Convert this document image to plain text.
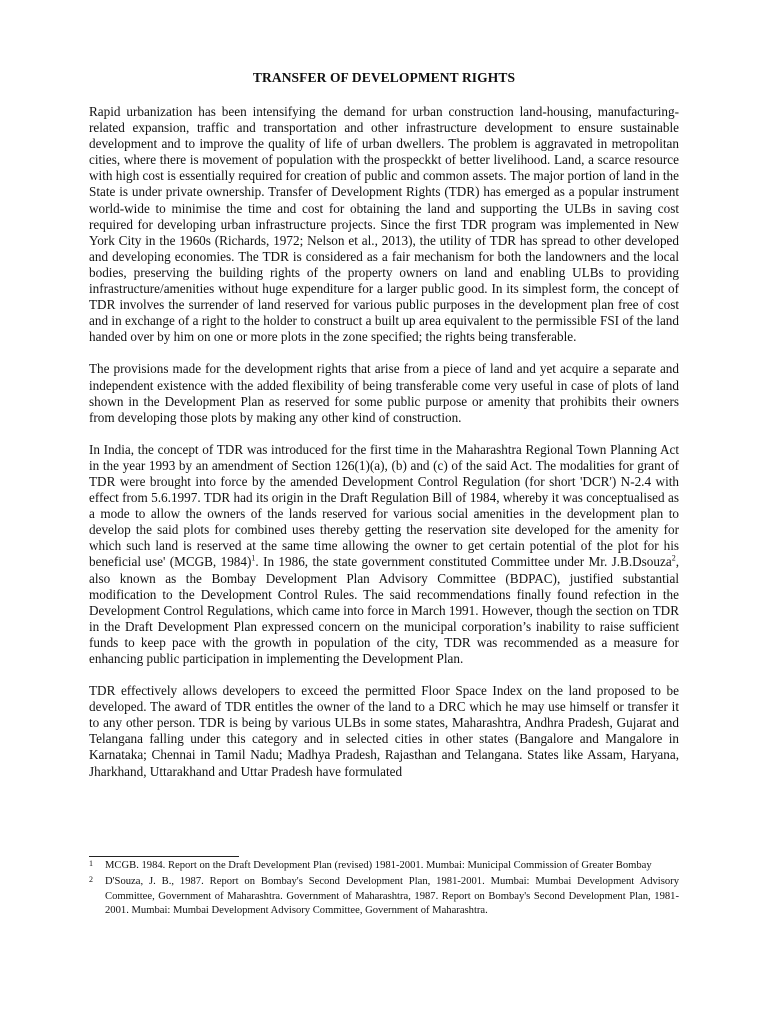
TRANSFER OF DEVELOPMENT RIGHTS

Rapid urbanization has been intensifying the demand for urban construction land-housing, manufacturing-related expansion, traffic and transportation and other infrastructure development to ensure sustainable development and to improve the quality of life of urban dwellers. The problem is aggravated in metropolitan cities, where there is movement of population with the prospeckkt of better livelihood. Land, a scarce resource with high cost is essentially required for creation of public and common assets. The major portion of land in the State is under private ownership. Transfer of Development Rights (TDR) has emerged as a popular instrument world-wide to minimise the time and cost for obtaining the land and supporting the ULBs in saving cost required for developing urban infrastructure projects. Since the first TDR program was implemented in New York City in the 1960s (Richards, 1972; Nelson et al., 2013), the utility of TDR has spread to other developed and developing economies. The TDR is considered as a fair mechanism for both the landowners and the local bodies, preserving the building rights of the property owners on land and enabling ULBs to providing infrastructure/amenities without huge expenditure for a larger public good. In its simplest form, the concept of TDR involves the surrender of land reserved for various public purposes in the development plan free of cost and in exchange of a right to the holder to construct a built up area equivalent to the permissible FSI of the land handed over by him on one or more plots in the zone specified; the rights being transferable.

The provisions made for the development rights that arise from a piece of land and yet acquire a separate and independent existence with the added flexibility of being transferable come very useful in case of plots of land shown in the Development Plan as reserved for some public purpose or amenity that prohibits their owners from developing those plots by making any other kind of construction.

In India, the concept of TDR was introduced for the first time in the Maharashtra Regional Town Planning Act in the year 1993 by an amendment of Section 126(1)(a), (b) and (c) of the said Act. The modalities for grant of TDR were brought into force by the amended Development Control Regulation (for short 'DCR') N-2.4 with effect from 5.6.1997. TDR had its origin in the Draft Regulation Bill of 1984, whereby it was conceptualised as a mode to allow the owners of the lands reserved for various social amenities in the development plan to develop the said plots for combined uses thereby getting the reservation site developed for the amenity for which such land is reserved at the same time allowing the owner to get certain potential of the plot for his beneficial use' (MCGB, 1984)$^1$. In 1986, the state government constituted Committee under Mr. J.B.Dsouza$^2$, also known as the Bombay Development Plan Advisory Committee (BDPAC), justified substantial modification to the Development Control Rules. The said recommendations finally found refection in the Development Control Regulations, which came into force in March 1991. However, though the section on TDR in the Draft Development Plan expressed concern on the municipal corporation’s inability to raise sufficient funds to keep pace with the growth in population of the city, TDR was recommended as a measure for enhancing public participation in implementing the Development Plan.

TDR effectively allows developers to exceed the permitted Floor Space Index on the land proposed to be developed. The award of TDR entitles the owner of the land to a DRC which he may use himself or transfer it to any other person. TDR is being by various ULBs in some states, Maharashtra, Andhra Pradesh, Gujarat and Telangana falling under this category and in selected cities in other states (Bangalore and Mangalore in Karnataka; Chennai in Tamil Nadu; Madhya Pradesh, Rajasthan and Telangana. States like Assam, Haryana, Jharkhand, Uttarakhand and Uttar Pradesh have formulated

1 MCGB. 1984. Report on the Draft Development Plan (revised) 1981-2001. Mumbai: Municipal Commission of Greater Bombay
2 D'Souza, J. B., 1987. Report on Bombay's Second Development Plan, 1981-2001. Mumbai: Mumbai Development Advisory Committee, Government of Maharashtra. Government of Maharashtra, 1987. Report on Bombay's Second Development Plan, 1981-2001. Mumbai: Mumbai Development Advisory Committee, Government of Maharashtra.
